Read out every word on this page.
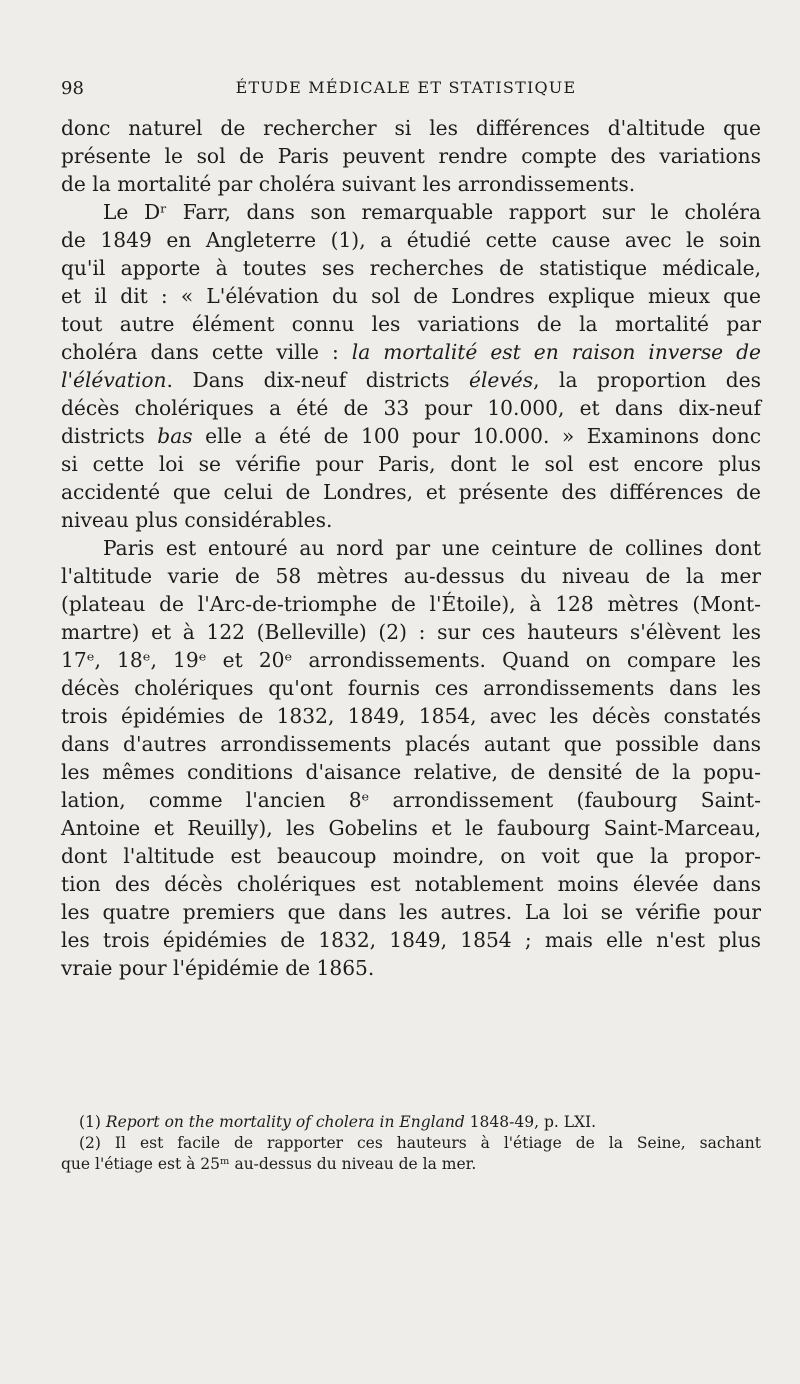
98	ÉTUDE MÉDICALE ET STATISTIQUE
donc naturel de rechercher si les différences d'altitude que
présente le sol de Paris peuvent rendre compte des variations
de la mortalité par choléra suivant les arrondissements.
Le Dʳ Farr, dans son remarquable rapport sur le choléra
de 1849 en Angleterre (1), a étudié cette cause avec le soin
qu'il apporte à toutes ses recherches de statistique médicale,
et il dit : « L'élévation du sol de Londres explique mieux que
tout autre élément connu les variations de la mortalité par
choléra dans cette ville : la mortalité est en raison inverse de
l'élévation. Dans dix-neuf districts élevés, la proportion des
décès cholériques a été de 33 pour 10.000, et dans dix-neuf
districts bas elle a été de 100 pour 10.000. » Examinons donc
si cette loi se vérifie pour Paris, dont le sol est encore plus
accidenté que celui de Londres, et présente des différences de
niveau plus considérables.
Paris est entouré au nord par une ceinture de collines dont
l'altitude varie de 58 mètres au-dessus du niveau de la mer
(plateau de l'Arc-de-triomphe de l'Étoile), à 128 mètres (Mont-
martre) et à 122 (Belleville) (2) : sur ces hauteurs s'élèvent les
17ᵉ, 18ᵉ, 19ᵉ et 20ᵉ arrondissements. Quand on compare les
décès cholériques qu'ont fournis ces arrondissements dans les
trois épidémies de 1832, 1849, 1854, avec les décès constatés
dans d'autres arrondissements placés autant que possible dans
les mêmes conditions d'aisance relative, de densité de la popu-
lation, comme l'ancien 8ᵉ arrondissement (faubourg Saint-
Antoine et Reuilly), les Gobelins et le faubourg Saint-Marceau,
dont l'altitude est beaucoup moindre, on voit que la propor-
tion des décès cholériques est notablement moins élevée dans
les quatre premiers que dans les autres. La loi se vérifie pour
les trois épidémies de 1832, 1849, 1854 ; mais elle n'est plus
vraie pour l'épidémie de 1865.
(1) Report on the mortality of cholera in England 1848-49, p. LXI.
(2) Il est facile de rapporter ces hauteurs à l'étiage de la Seine, sachant
que l'étiage est à 25ᵐ au-dessus du niveau de la mer.
